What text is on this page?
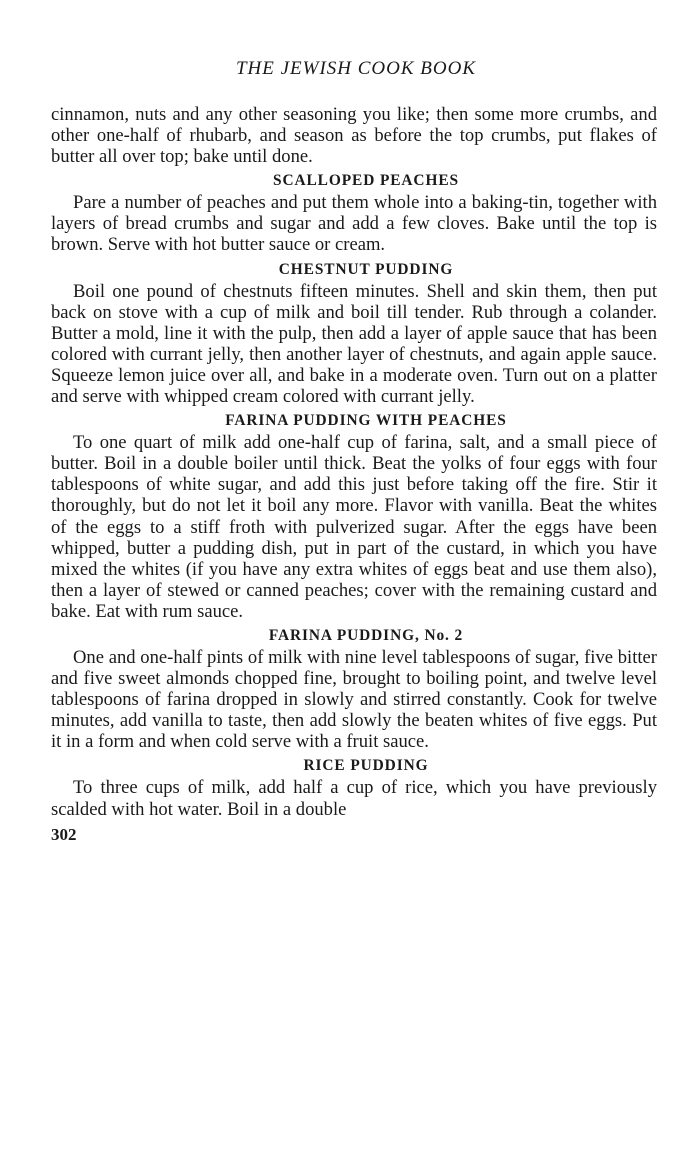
THE JEWISH COOK BOOK

cinnamon, nuts and any other seasoning you like; then some more crumbs, and other one-half of rhubarb, and season as before the top crumbs, put flakes of butter all over top; bake until done.

SCALLOPED PEACHES

Pare a number of peaches and put them whole into a baking-tin, together with layers of bread crumbs and sugar and add a few cloves. Bake until the top is brown. Serve with hot butter sauce or cream.

CHESTNUT PUDDING

Boil one pound of chestnuts fifteen minutes. Shell and skin them, then put back on stove with a cup of milk and boil till tender. Rub through a colander. Butter a mold, line it with the pulp, then add a layer of apple sauce that has been colored with currant jelly, then another layer of chestnuts, and again apple sauce. Squeeze lemon juice over all, and bake in a moderate oven. Turn out on a platter and serve with whipped cream colored with currant jelly.

FARINA PUDDING WITH PEACHES

To one quart of milk add one-half cup of farina, salt, and a small piece of butter. Boil in a double boiler until thick. Beat the yolks of four eggs with four tablespoons of white sugar, and add this just before taking off the fire. Stir it thoroughly, but do not let it boil any more. Flavor with vanilla. Beat the whites of the eggs to a stiff froth with pulverized sugar. After the eggs have been whipped, butter a pudding dish, put in part of the custard, in which you have mixed the whites (if you have any extra whites of eggs beat and use them also), then a layer of stewed or canned peaches; cover with the remaining custard and bake. Eat with rum sauce.

FARINA PUDDING, No. 2

One and one-half pints of milk with nine level tablespoons of sugar, five bitter and five sweet almonds chopped fine, brought to boiling point, and twelve level tablespoons of farina dropped in slowly and stirred constantly. Cook for twelve minutes, add vanilla to taste, then add slowly the beaten whites of five eggs. Put it in a form and when cold serve with a fruit sauce.

RICE PUDDING

To three cups of milk, add half a cup of rice, which you have previously scalded with hot water. Boil in a double

302
